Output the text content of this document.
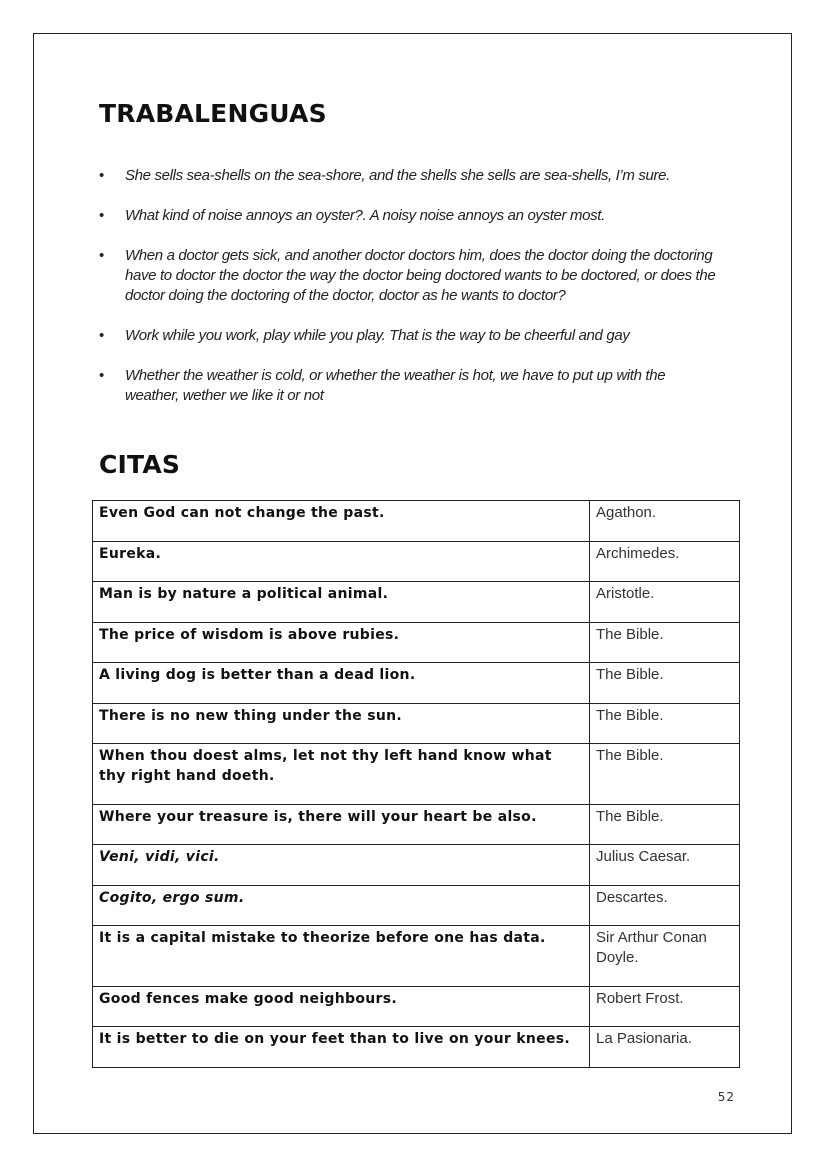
TRABALENGUAS
• She sells sea-shells on the sea-shore, and the shells she sells are sea-shells, I’m sure.
• What kind of noise annoys an oyster?. A noisy noise annoys an oyster most.
• When a doctor gets sick, and another doctor doctors him, does the doctor doing the doctoring have to doctor the doctor the way the doctor being doctored wants to be doctored, or does the doctor doing the doctoring of the doctor, doctor as he wants to doctor?
• Work while you work, play while you play. That is the way to be cheerful and gay
• Whether the weather is cold, or whether the weather is hot, we have to put up with the weather, wether we like it or not
CITAS
Even God can not change the past.	Agathon.
Eureka.	Archimedes.
Man is by nature a political animal.	Aristotle.
The price of wisdom is above rubies.	The Bible.
A living dog is better than a dead lion.	The Bible.
There is no new thing under the sun.	The Bible.
When thou doest alms, let not thy left hand know what thy right hand doeth.	The Bible.
Where your treasure is, there will your heart be also.	The Bible.
Veni, vidi, vici.	Julius Caesar.
Cogito, ergo sum.	Descartes.
It is a capital mistake to theorize before one has data.	Sir Arthur Conan Doyle.
Good fences make good neighbours.	Robert Frost.
It is better to die on your feet than to live on your knees.	La Pasionaria.
52
